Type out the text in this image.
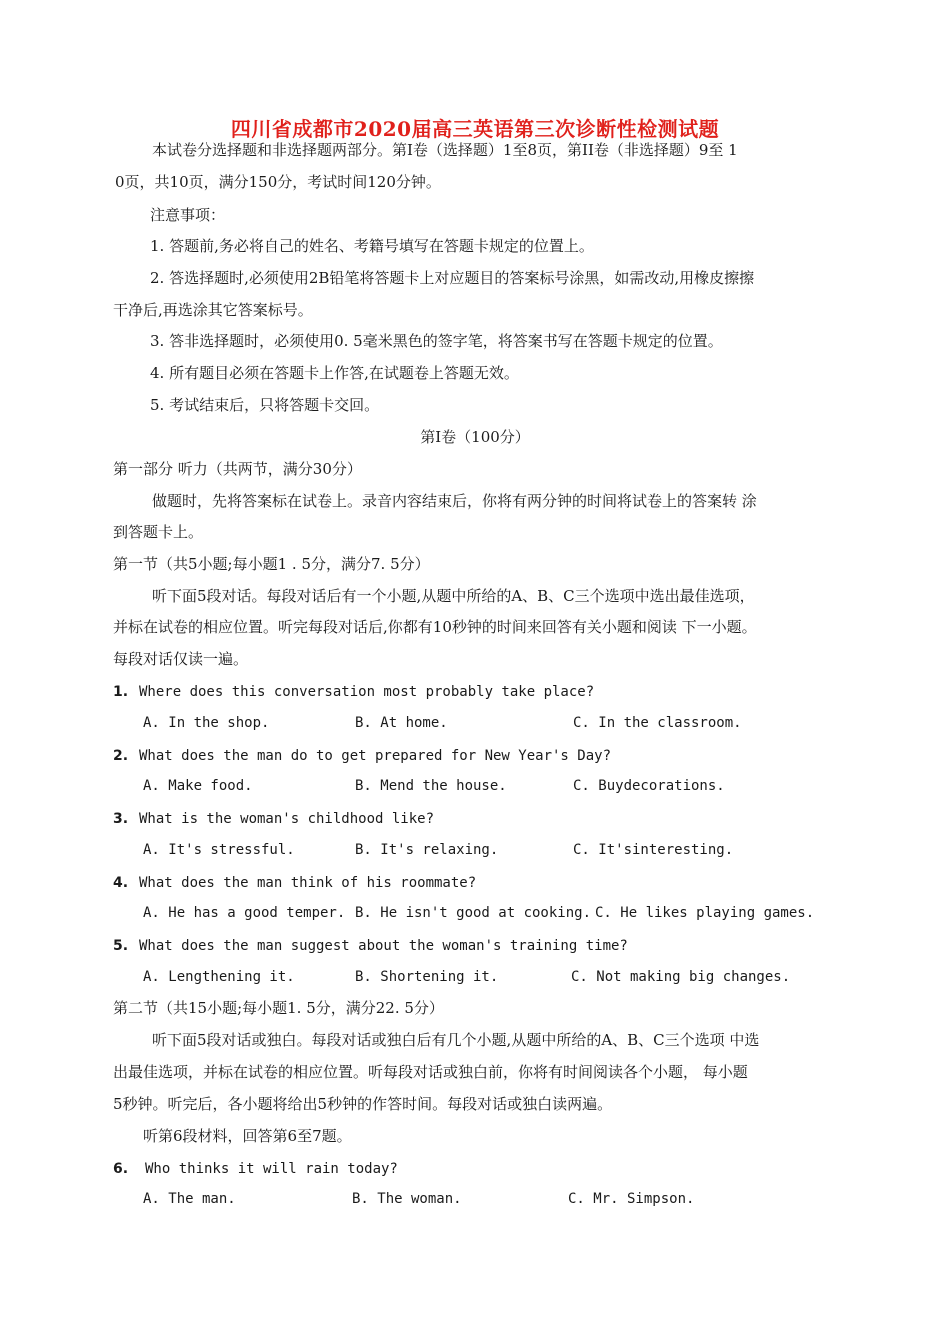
四川省成都市2020届高三英语第三次诊断性检测试题
本试卷分选择题和非选择题两部分。第I卷（选择题）1至8页，第II卷（非选择题）9至 1
0页，共10页，满分150分，考试时间120分钟。
注意事项：
1. 答题前,务必将自己的姓名、考籍号填写在答题卡规定的位置上。
2. 答选择题时,必须使用2B铅笔将答题卡上对应题目的答案标号涂黑，如需改动,用橡皮擦擦
干净后,再选涂其它答案标号。
3. 答非选择题时，必须使用0. 5毫米黑色的签字笔，将答案书写在答题卡规定的位置。
4. 所有题目必须在答题卡上作答,在试题卷上答题无效。
5. 考试结束后，只将答题卡交回。
第I卷（100分）
第一部分 听力（共两节，满分30分）
做题时，先将答案标在试卷上。录音内容结束后，你将有两分钟的时间将试卷上的答案转 涂
到答题卡上。
第一节（共5小题;每小题1 . 5分，满分7. 5分）
听下面5段对话。每段对话后有一个小题,从题中所给的A、B、C三个选项中选出最佳选项，
并标在试卷的相应位置。听完每段对话后,你都有10秒钟的时间来回答有关小题和阅读 下一小题。
每段对话仅读一遍。
1. Where does this conversation most probably take place?
A. In the shop.	B. At home.	C. In the classroom.
2. What does the man do to get prepared for New Year's Day?
A. Make food.	B. Mend the house.	C. Buydecorations.
3. What is the woman's childhood like?
A. It's stressful.	B. It's relaxing.	C. It'sinteresting.
4. What does the man think of his roommate?
A. He has a good temper. B. He isn't good at cooking. C. He likes playing games.
5. What does the man suggest about the woman's training time?
A. Lengthening it.	B. Shortening it.	C. Not making big changes.
第二节（共15小题;每小题1. 5分，满分22. 5分）
听下面5段对话或独白。每段对话或独白后有几个小题,从题中所给的A、B、C三个选项 中选
出最佳选项，并标在试卷的相应位置。听每段对话或独白前，你将有时间阅读各个小题， 每小题
5秒钟。听完后，各小题将给出5秒钟的作答时间。每段对话或独白读两遍。
听第6段材料，回答第6至7题。
6. Who thinks it will rain today?
A. The man.	B. The woman.	C. Mr. Simpson.
